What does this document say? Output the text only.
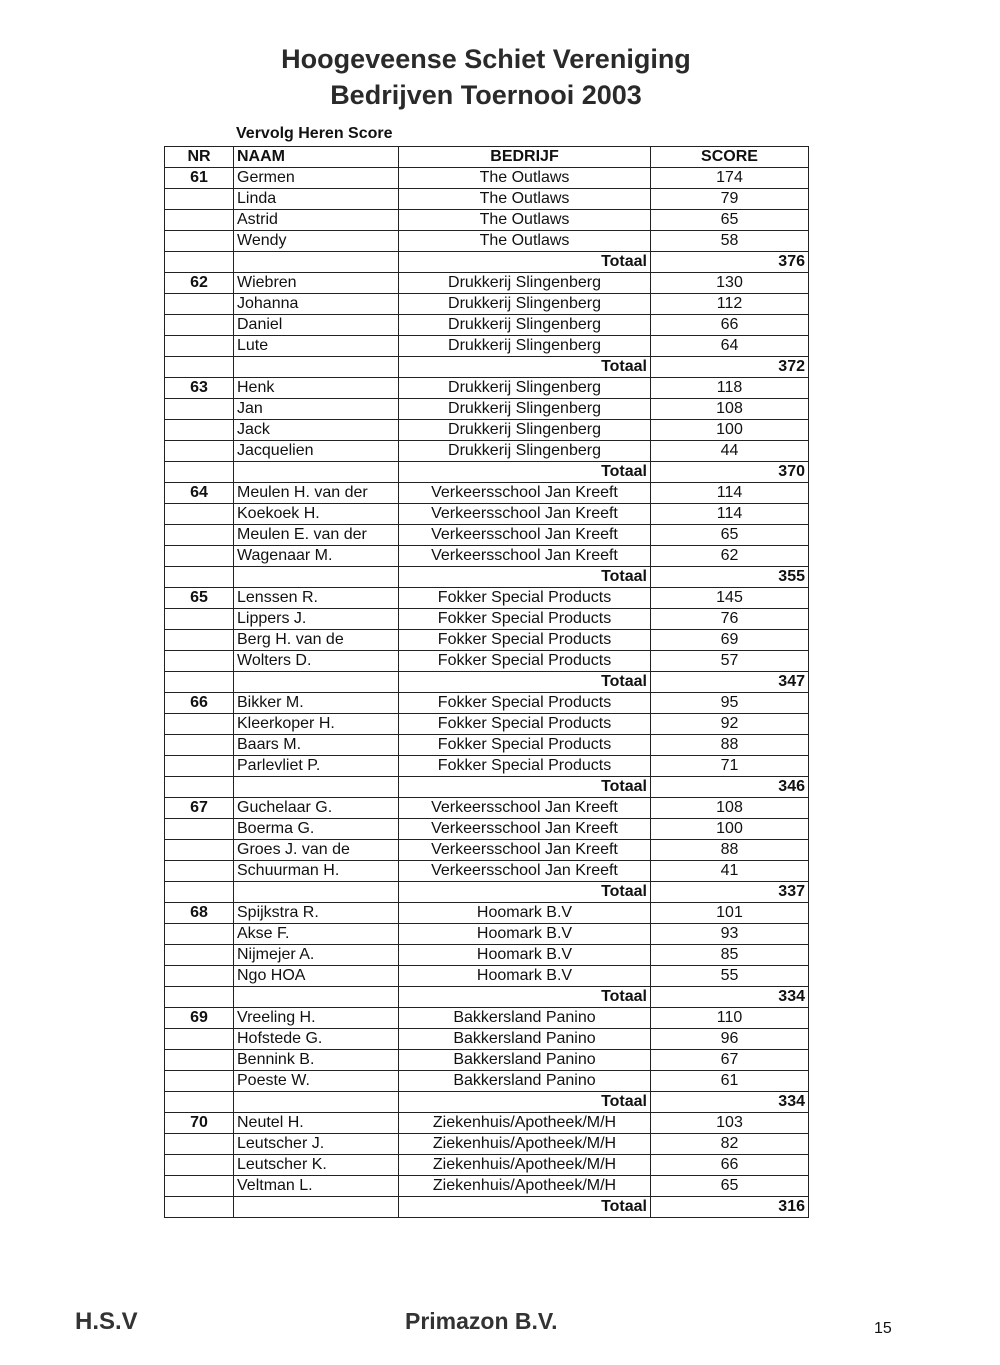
Hoogeveense Schiet Vereniging
Bedrijven Toernooi 2003
Vervolg Heren Score
NR	NAAM	BEDRIJF	SCORE
61	Germen	The Outlaws	174
	Linda	The Outlaws	79
	Astrid	The Outlaws	65
	Wendy	The Outlaws	58
		Totaal	376
62	Wiebren	Drukkerij Slingenberg	130
	Johanna	Drukkerij Slingenberg	112
	Daniel	Drukkerij Slingenberg	66
	Lute	Drukkerij Slingenberg	64
		Totaal	372
63	Henk	Drukkerij Slingenberg	118
	Jan	Drukkerij Slingenberg	108
	Jack	Drukkerij Slingenberg	100
	Jacquelien	Drukkerij Slingenberg	44
		Totaal	370
64	Meulen H. van der	Verkeersschool Jan Kreeft	114
	Koekoek H.	Verkeersschool Jan Kreeft	114
	Meulen E. van der	Verkeersschool Jan Kreeft	65
	Wagenaar M.	Verkeersschool Jan Kreeft	62
		Totaal	355
65	Lenssen R.	Fokker Special Products	145
	Lippers J.	Fokker Special Products	76
	Berg H. van de	Fokker Special Products	69
	Wolters D.	Fokker Special Products	57
		Totaal	347
66	Bikker M.	Fokker Special Products	95
	Kleerkoper H.	Fokker Special Products	92
	Baars M.	Fokker Special Products	88
	Parlevliet P.	Fokker Special Products	71
		Totaal	346
67	Guchelaar G.	Verkeersschool Jan Kreeft	108
	Boerma G.	Verkeersschool Jan Kreeft	100
	Groes J. van de	Verkeersschool Jan Kreeft	88
	Schuurman H.	Verkeersschool Jan Kreeft	41
		Totaal	337
68	Spijkstra R.	Hoomark B.V	101
	Akse F.	Hoomark B.V	93
	Nijmejer A.	Hoomark B.V	85
	Ngo HOA	Hoomark B.V	55
		Totaal	334
69	Vreeling H.	Bakkersland Panino	110
	Hofstede G.	Bakkersland Panino	96
	Bennink B.	Bakkersland Panino	67
	Poeste W.	Bakkersland Panino	61
		Totaal	334
70	Neutel H.	Ziekenhuis/Apotheek/M/H	103
	Leutscher J.	Ziekenhuis/Apotheek/M/H	82
	Leutscher K.	Ziekenhuis/Apotheek/M/H	66
	Veltman L.	Ziekenhuis/Apotheek/M/H	65
		Totaal	316
H.S.V	Primazon B.V.	15
